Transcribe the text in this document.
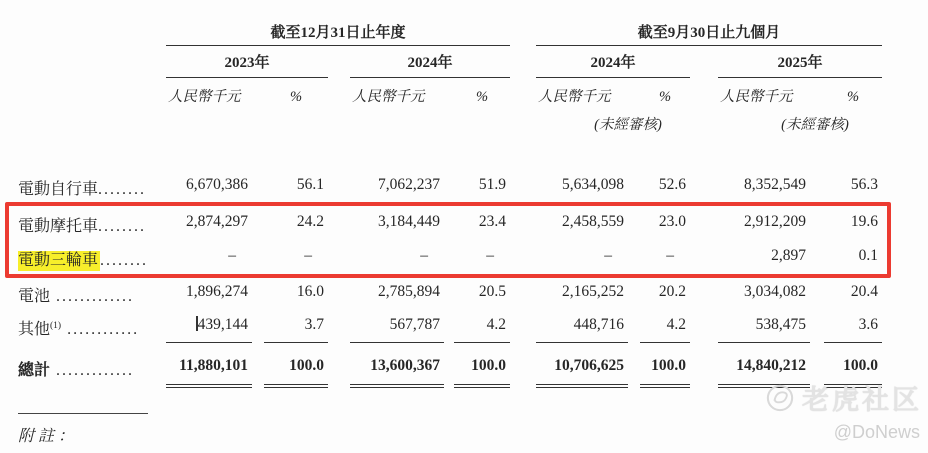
截至12月31日止年度	截至9月30日止九個月
2023年	2024年	2024年	2025年
人民幣千元	%	人民幣千元	%	人民幣千元	%	人民幣千元	%
(未經審核)	(未經審核)
電動自行車........	6,670,386	56.1	7,062,237	51.9	5,634,098	52.6	8,352,549	56.3
電動摩托車........	2,874,297	24.2	3,184,449	23.4	2,458,559	23.0	2,912,209	19.6
電動三輪車 ........	–	–	–	–	–	–	2,897	0.1
電池 .............	1,896,274	16.0	2,785,894	20.5	2,165,252	20.2	3,034,082	20.4
其他$^{(1)}$ ............	439,144	3.7	567,787	4.2	448,716	4.2	538,475	3.6
總計 .............	11,880,101	100.0	13,600,367	100.0	10,706,625	100.0	14,840,212	100.0
附註：
老虎社区
@DoNews
